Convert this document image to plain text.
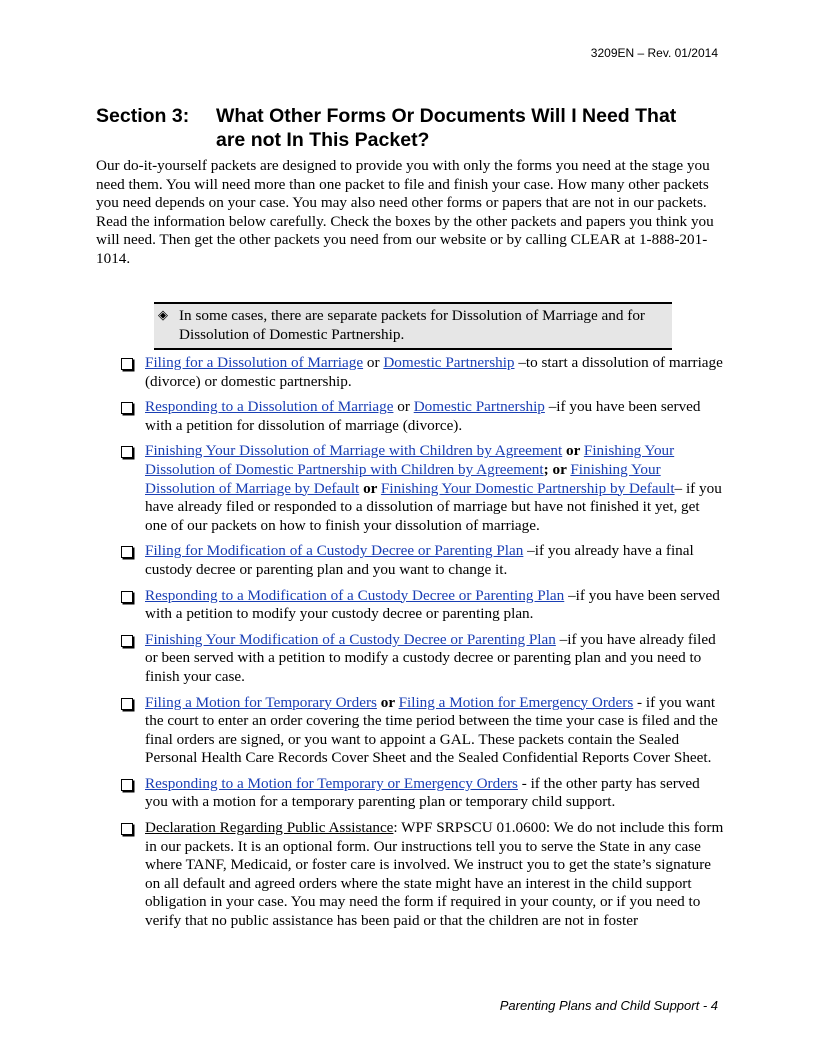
3209EN – Rev. 01/2014
Section 3: What Other Forms Or Documents Will I Need That
are not In This Packet?

Our do-it-yourself packets are designed to provide you with only the forms you need at the stage you need them. You will need more than one packet to file and finish your case. How many other packets you need depends on your case. You may also need other forms or papers that are not in our packets. Read the information below carefully. Check the boxes by the other packets and papers you think you will need. Then get the other packets you need from our website or by calling CLEAR at 1-888-201-1014.

◈ In some cases, there are separate packets for Dissolution of Marriage and for Dissolution of Domestic Partnership.
Filing for a Dissolution of Marriage or Domestic Partnership –to start a dissolution of marriage (divorce) or domestic partnership.
Responding to a Dissolution of Marriage or Domestic Partnership –if you have been served with a petition for dissolution of marriage (divorce).
Finishing Your Dissolution of Marriage with Children by Agreement or Finishing Your Dissolution of Domestic Partnership with Children by Agreement; or Finishing Your Dissolution of Marriage by Default or Finishing Your Domestic Partnership by Default– if you have already filed or responded to a dissolution of marriage but have not finished it yet, get one of our packets on how to finish your dissolution of marriage.
Filing for Modification of a Custody Decree or Parenting Plan –if you already have a final custody decree or parenting plan and you want to change it.
Responding to a Modification of a Custody Decree or Parenting Plan –if you have been served with a petition to modify your custody decree or parenting plan.
Finishing Your Modification of a Custody Decree or Parenting Plan –if you have already filed or been served with a petition to modify a custody decree or parenting plan and you need to finish your case.
Filing a Motion for Temporary Orders or Filing a Motion for Emergency Orders - if you want the court to enter an order covering the time period between the time your case is filed and the final orders are signed, or you want to appoint a GAL. These packets contain the Sealed Personal Health Care Records Cover Sheet and the Sealed Confidential Reports Cover Sheet.
Responding to a Motion for Temporary or Emergency Orders - if the other party has served you with a motion for a temporary parenting plan or temporary child support.
Declaration Regarding Public Assistance: WPF SRPSCU 01.0600: We do not include this form in our packets. It is an optional form. Our instructions tell you to serve the State in any case where TANF, Medicaid, or foster care is involved. We instruct you to get the state’s signature on all default and agreed orders where the state might have an interest in the child support obligation in your case. You may need the form if required in your county, or if you need to verify that no public assistance has been paid or that the children are not in foster
Parenting Plans and Child Support - 4
